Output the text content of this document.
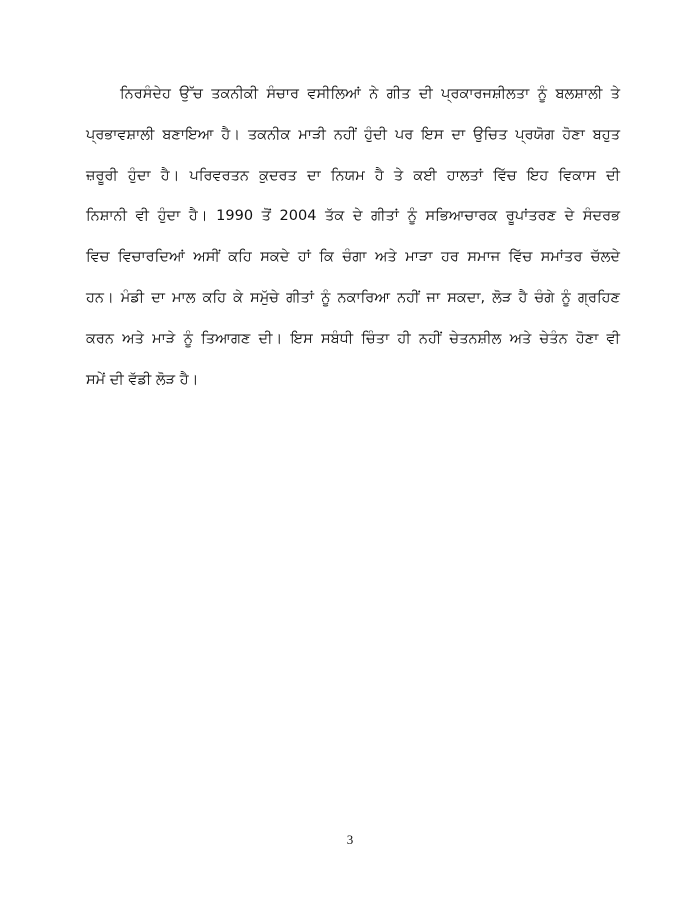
ਨਿਰਸੰਦੇਹ ਉੱਚ ਤਕਨੀਕੀ ਸੰਚਾਰ ਵਸੀਲਿਆਂ ਨੇ ਗੀਤ ਦੀ ਪ੍ਰਕਾਰਜਸ਼ੀਲਤਾ ਨੂੰ ਬਲਸ਼ਾਲੀ ਤੇ
ਪ੍ਰਭਾਵਸ਼ਾਲੀ ਬਣਾਇਆ ਹੈ। ਤਕਨੀਕ ਮਾੜੀ ਨਹੀਂ ਹੁੰਦੀ ਪਰ ਇਸ ਦਾ ਉਚਿਤ ਪ੍ਰਯੋਗ ਹੋਣਾ ਬਹੁਤ
ਜ਼ਰੂਰੀ ਹੁੰਦਾ ਹੈ। ਪਰਿਵਰਤਨ ਕੁਦਰਤ ਦਾ ਨਿਯਮ ਹੈ ਤੇ ਕਈ ਹਾਲਤਾਂ ਵਿੱਚ ਇਹ ਵਿਕਾਸ ਦੀ
ਨਿਸ਼ਾਨੀ ਵੀ ਹੁੰਦਾ ਹੈ। 1990 ਤੋਂ 2004 ਤੱਕ ਦੇ ਗੀਤਾਂ ਨੂੰ ਸਭਿਆਚਾਰਕ ਰੂਪਾਂਤਰਣ ਦੇ ਸੰਦਰਭ
ਵਿਚ ਵਿਚਾਰਦਿਆਂ ਅਸੀਂ ਕਹਿ ਸਕਦੇ ਹਾਂ ਕਿ ਚੰਗਾ ਅਤੇ ਮਾੜਾ ਹਰ ਸਮਾਜ ਵਿੱਚ ਸਮਾਂਤਰ ਚੱਲਦੇ
ਹਨ। ਮੰਡੀ ਦਾ ਮਾਲ ਕਹਿ ਕੇ ਸਮੁੱਚੇ ਗੀਤਾਂ ਨੂੰ ਨਕਾਰਿਆ ਨਹੀਂ ਜਾ ਸਕਦਾ, ਲੋੜ ਹੈ ਚੰਗੇ ਨੂੰ ਗ੍ਰਹਿਣ
ਕਰਨ ਅਤੇ ਮਾੜੇ ਨੂੰ ਤਿਆਗਣ ਦੀ। ਇਸ ਸਬੰਧੀ ਚਿੰਤਾ ਹੀ ਨਹੀਂ ਚੇਤਨਸ਼ੀਲ ਅਤੇ ਚੇਤੰਨ ਹੋਣਾ ਵੀ
ਸਮੇਂ ਦੀ ਵੱਡੀ ਲੋੜ ਹੈ।
3
